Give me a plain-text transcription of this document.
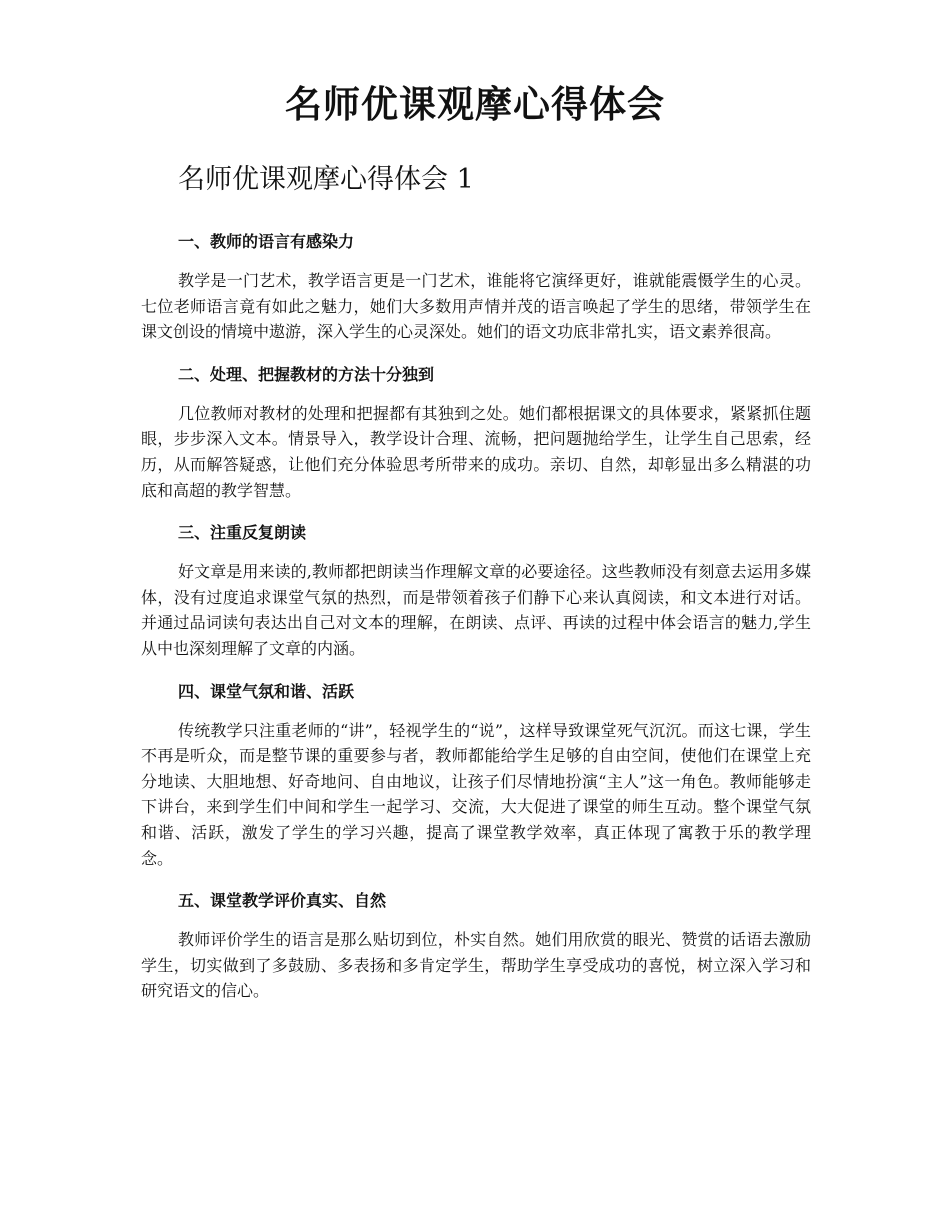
名师优课观摩心得体会
名师优课观摩心得体会 1

一、教师的语言有感染力

教学是一门艺术，教学语言更是一门艺术，谁能将它演绎更好，谁就能震慑学生的心灵。七位老师语言竟有如此之魅力，她们大多数用声情并茂的语言唤起了学生的思绪，带领学生在课文创设的情境中遨游，深入学生的心灵深处。她们的语文功底非常扎实，语文素养很高。

二、处理、把握教材的方法十分独到

几位教师对教材的处理和把握都有其独到之处。她们都根据课文的具体要求，紧紧抓住题眼，步步深入文本。情景导入，教学设计合理、流畅，把问题抛给学生，让学生自己思索，经历，从而解答疑惑，让他们充分体验思考所带来的成功。亲切、自然，却彰显出多么精湛的功底和高超的教学智慧。

三、注重反复朗读

好文章是用来读的,教师都把朗读当作理解文章的必要途径。这些教师没有刻意去运用多媒体，没有过度追求课堂气氛的热烈，而是带领着孩子们静下心来认真阅读，和文本进行对话。并通过品词读句表达出自己对文本的理解，在朗读、点评、再读的过程中体会语言的魅力,学生从中也深刻理解了文章的内涵。

四、课堂气氛和谐、活跃

传统教学只注重老师的“讲”，轻视学生的“说”，这样导致课堂死气沉沉。而这七课，学生不再是听众，而是整节课的重要参与者，教师都能给学生足够的自由空间，使他们在课堂上充分地读、大胆地想、好奇地问、自由地议，让孩子们尽情地扮演“主人”这一角色。教师能够走下讲台，来到学生们中间和学生一起学习、交流，大大促进了课堂的师生互动。整个课堂气氛和谐、活跃，激发了学生的学习兴趣，提高了课堂教学效率，真正体现了寓教于乐的教学理念。

五、课堂教学评价真实、自然

教师评价学生的语言是那么贴切到位，朴实自然。她们用欣赏的眼光、赞赏的话语去激励学生，切实做到了多鼓励、多表扬和多肯定学生，帮助学生享受成功的喜悦，树立深入学习和研究语文的信心。
